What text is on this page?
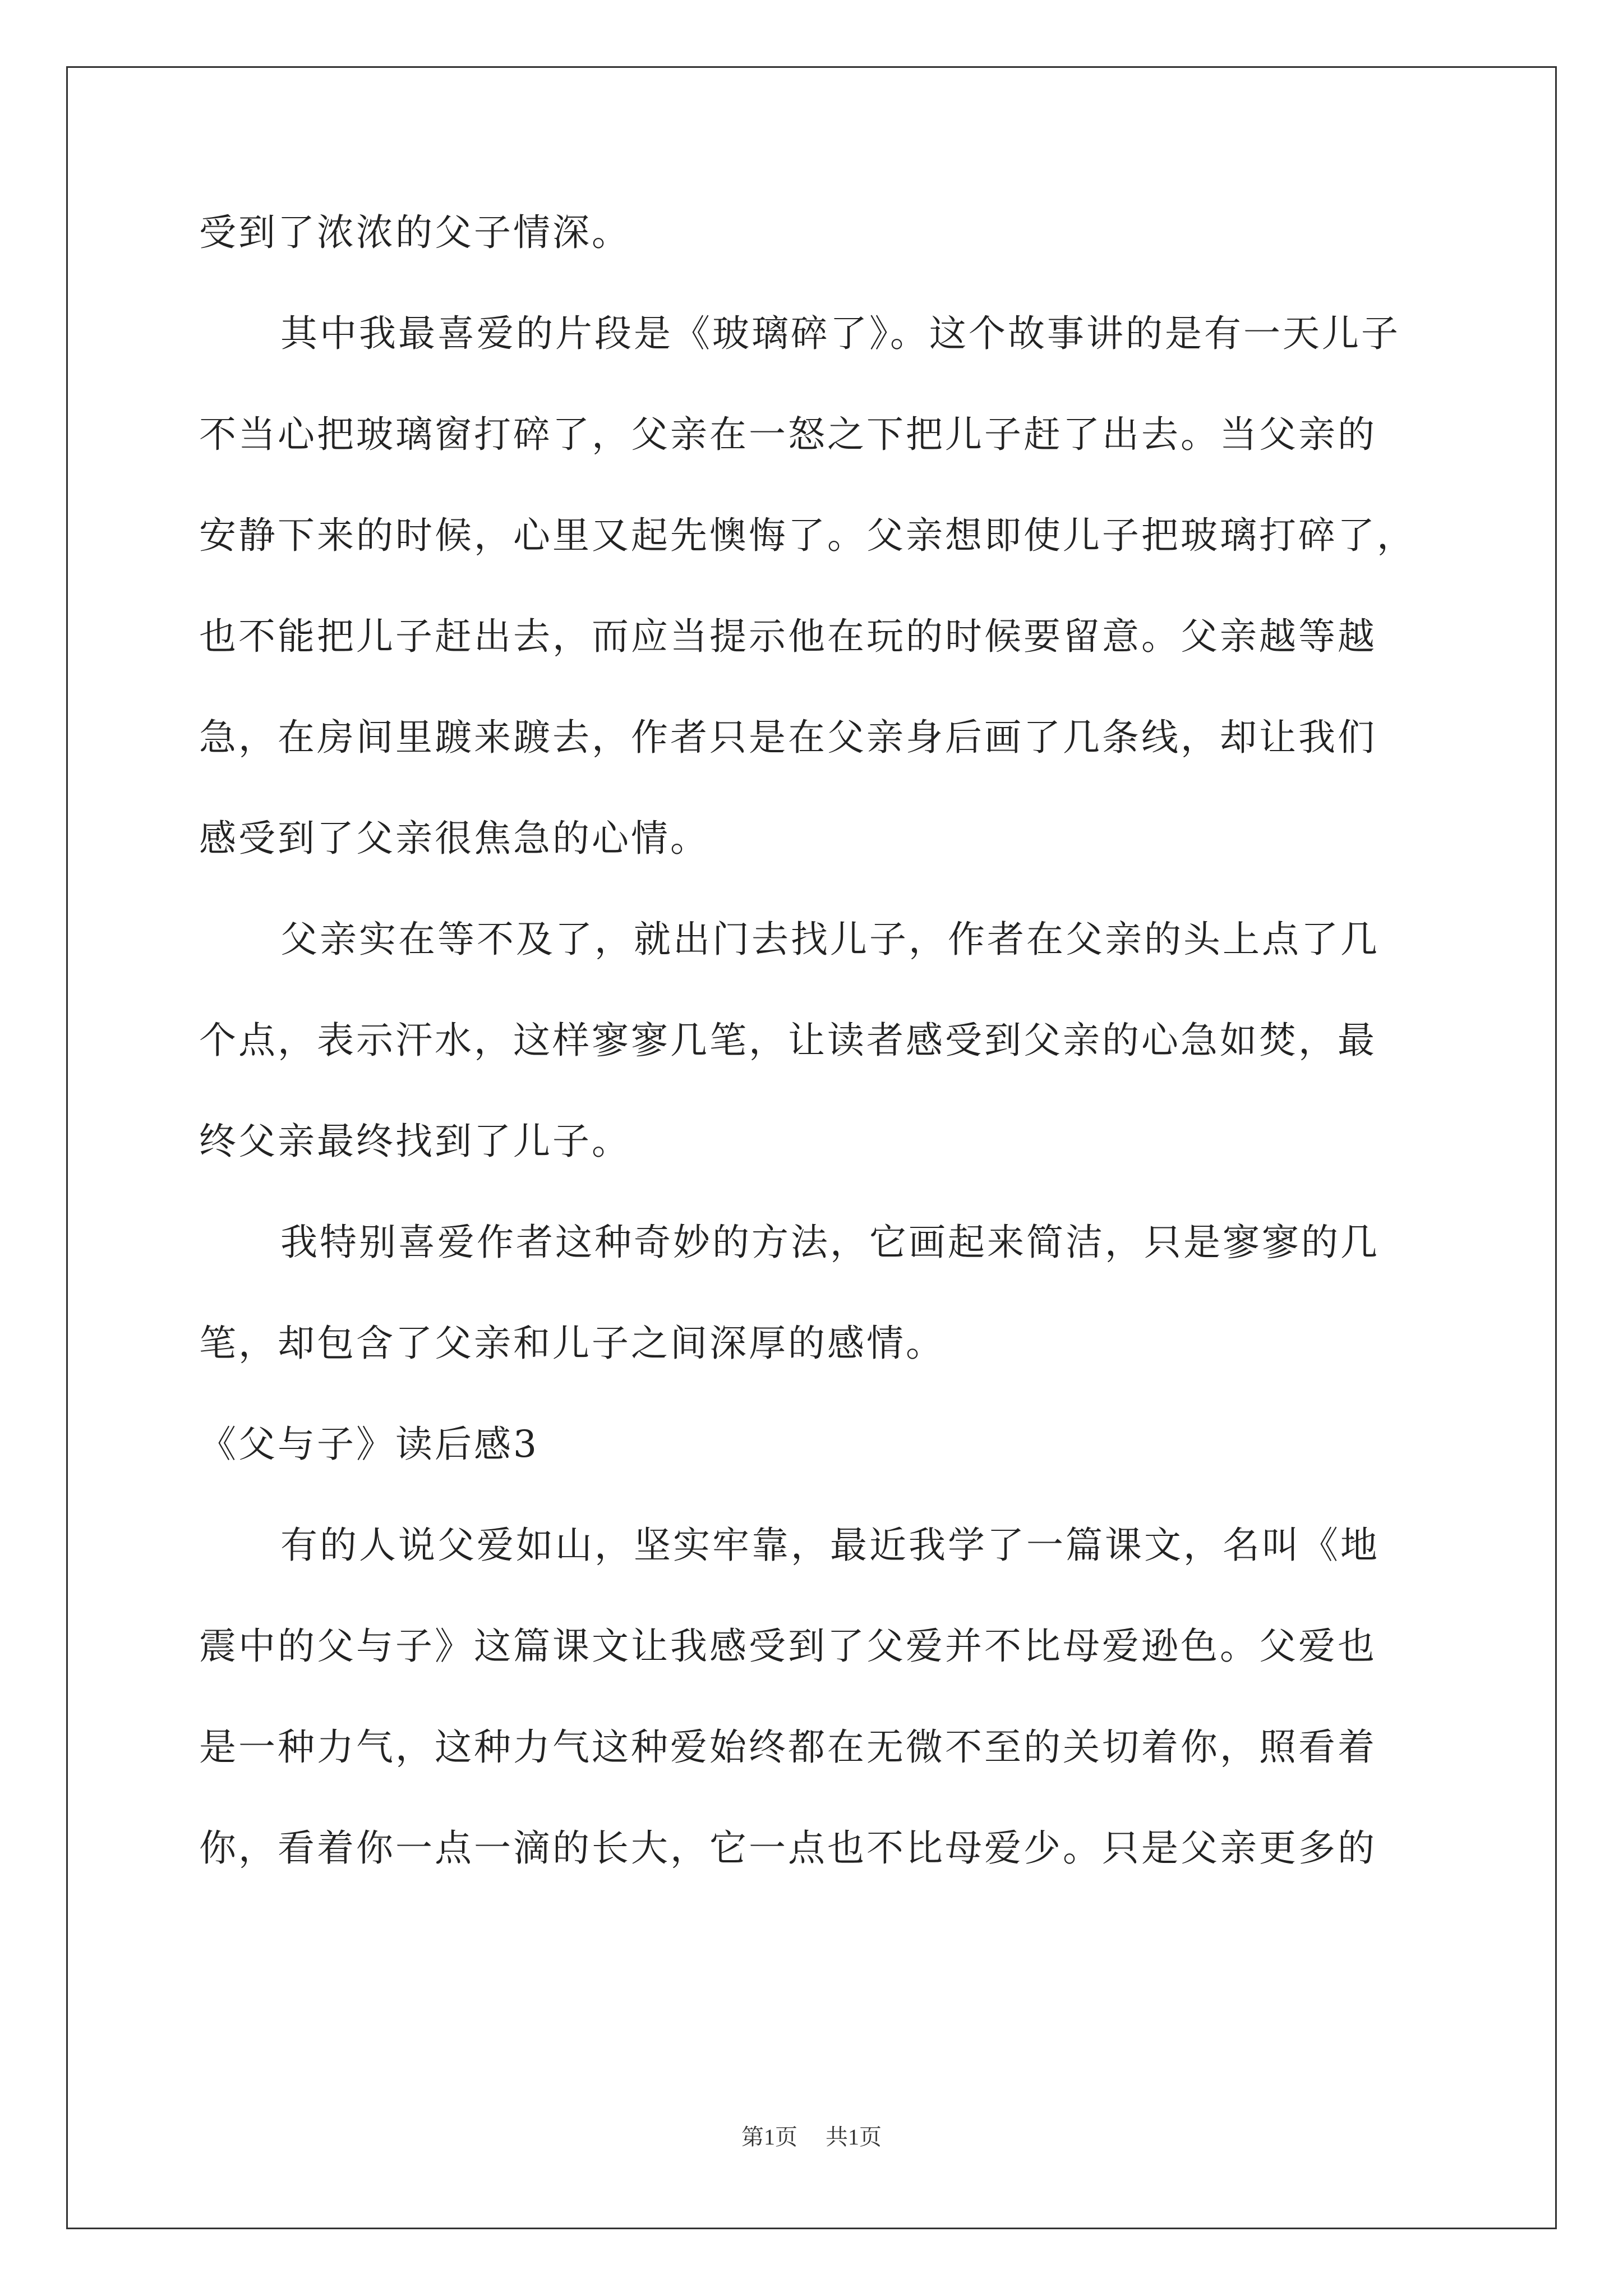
受到了浓浓的父子情深。
其中我最喜爱的片段是《玻璃碎了》。这个故事讲的是有一天儿子
不当心把玻璃窗打碎了，父亲在一怒之下把儿子赶了出去。当父亲的
安静下来的时候，心里又起先懊悔了。父亲想即使儿子把玻璃打碎了，
也不能把儿子赶出去，而应当提示他在玩的时候要留意。父亲越等越
急，在房间里踱来踱去，作者只是在父亲身后画了几条线，却让我们
感受到了父亲很焦急的心情。
父亲实在等不及了，就出门去找儿子，作者在父亲的头上点了几
个点，表示汗水，这样寥寥几笔，让读者感受到父亲的心急如焚，最
终父亲最终找到了儿子。
我特别喜爱作者这种奇妙的方法，它画起来简洁，只是寥寥的几
笔，却包含了父亲和儿子之间深厚的感情。
《父与子》读后感3
有的人说父爱如山，坚实牢靠，最近我学了一篇课文，名叫《地
震中的父与子》这篇课文让我感受到了父爱并不比母爱逊色。父爱也
是一种力气，这种力气这种爱始终都在无微不至的关切着你，照看着
你，看着你一点一滴的长大，它一点也不比母爱少。只是父亲更多的
第1页 共1页
